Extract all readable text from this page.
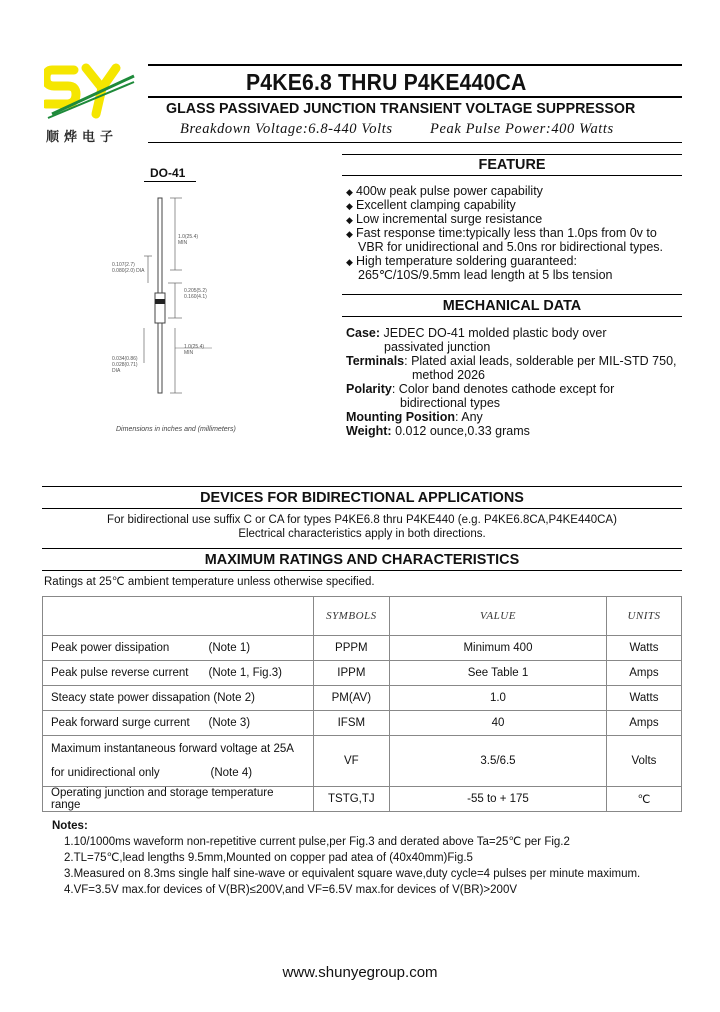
顺烨电子
P4KE6.8 THRU P4KE440CA
GLASS PASSIVAED JUNCTION TRANSIENT VOLTAGE SUPPRESSOR
Breakdown Voltage:6.8-440 Volts	Peak Pulse Power:400 Watts
DO-41
1.0(25.4) MIN
0.107(2.7) 0.080(2.0) DIA
0.205(5.2) 0.160(4.1)
1.0(25.4) MIN
0.034(0.86) 0.028(0.71) DIA
Dimensions in inches and (millimeters)
FEATURE
◆ 400w peak pulse power capability
◆ Excellent clamping capability
◆ Low incremental surge resistance
◆ Fast response time:typically less than 1.0ps from 0v to
VBR for unidirectional and 5.0ns ror bidirectional types.
◆ High temperature soldering guaranteed:
265℃/10S/9.5mm lead length at 5 lbs tension
MECHANICAL DATA
Case: JEDEC DO-41 molded plastic body over
passivated junction
Terminals: Plated axial leads, solderable per MIL-STD 750,
method 2026
Polarity: Color band denotes cathode except for
bidirectional types
Mounting Position: Any
Weight: 0.012 ounce,0.33 grams
DEVICES FOR BIDIRECTIONAL APPLICATIONS
For bidirectional use suffix C or CA for types P4KE6.8 thru P4KE440 (e.g. P4KE6.8CA,P4KE440CA)
Electrical characteristics apply in both directions.
MAXIMUM RATINGS AND CHARACTERISTICS
Ratings at 25℃ ambient temperature unless otherwise specified.
	SYMBOLS	VALUE	UNITS
Peak power dissipation (Note 1)	PPPM	Minimum 400	Watts
Peak pulse reverse current (Note 1, Fig.3)	IPPM	See Table 1	Amps
Steacy state power dissapation (Note 2)	PM(AV)	1.0	Watts
Peak forward surge current (Note 3)	IFSM	40	Amps

Maximum instantaneous forward voltage at 25A
for unidirectional only (Note 4)	VF	3.5/6.5	Volts
Operating junction and storage temperature range	TSTG,TJ	-55 to + 175	℃
Notes:
1.10/1000ms waveform non-repetitive current pulse,per Fig.3 and derated above Ta=25℃ per Fig.2
2.TL=75℃,lead lengths 9.5mm,Mounted on copper pad atea of (40x40mm)Fig.5
3.Measured on 8.3ms single half sine-wave or equivalent square wave,duty cycle=4 pulses per minute maximum.
4.VF=3.5V max.for devices of V(BR)≤200V,and VF=6.5V max.for devices of V(BR)>200V
www.shunyegroup.com
